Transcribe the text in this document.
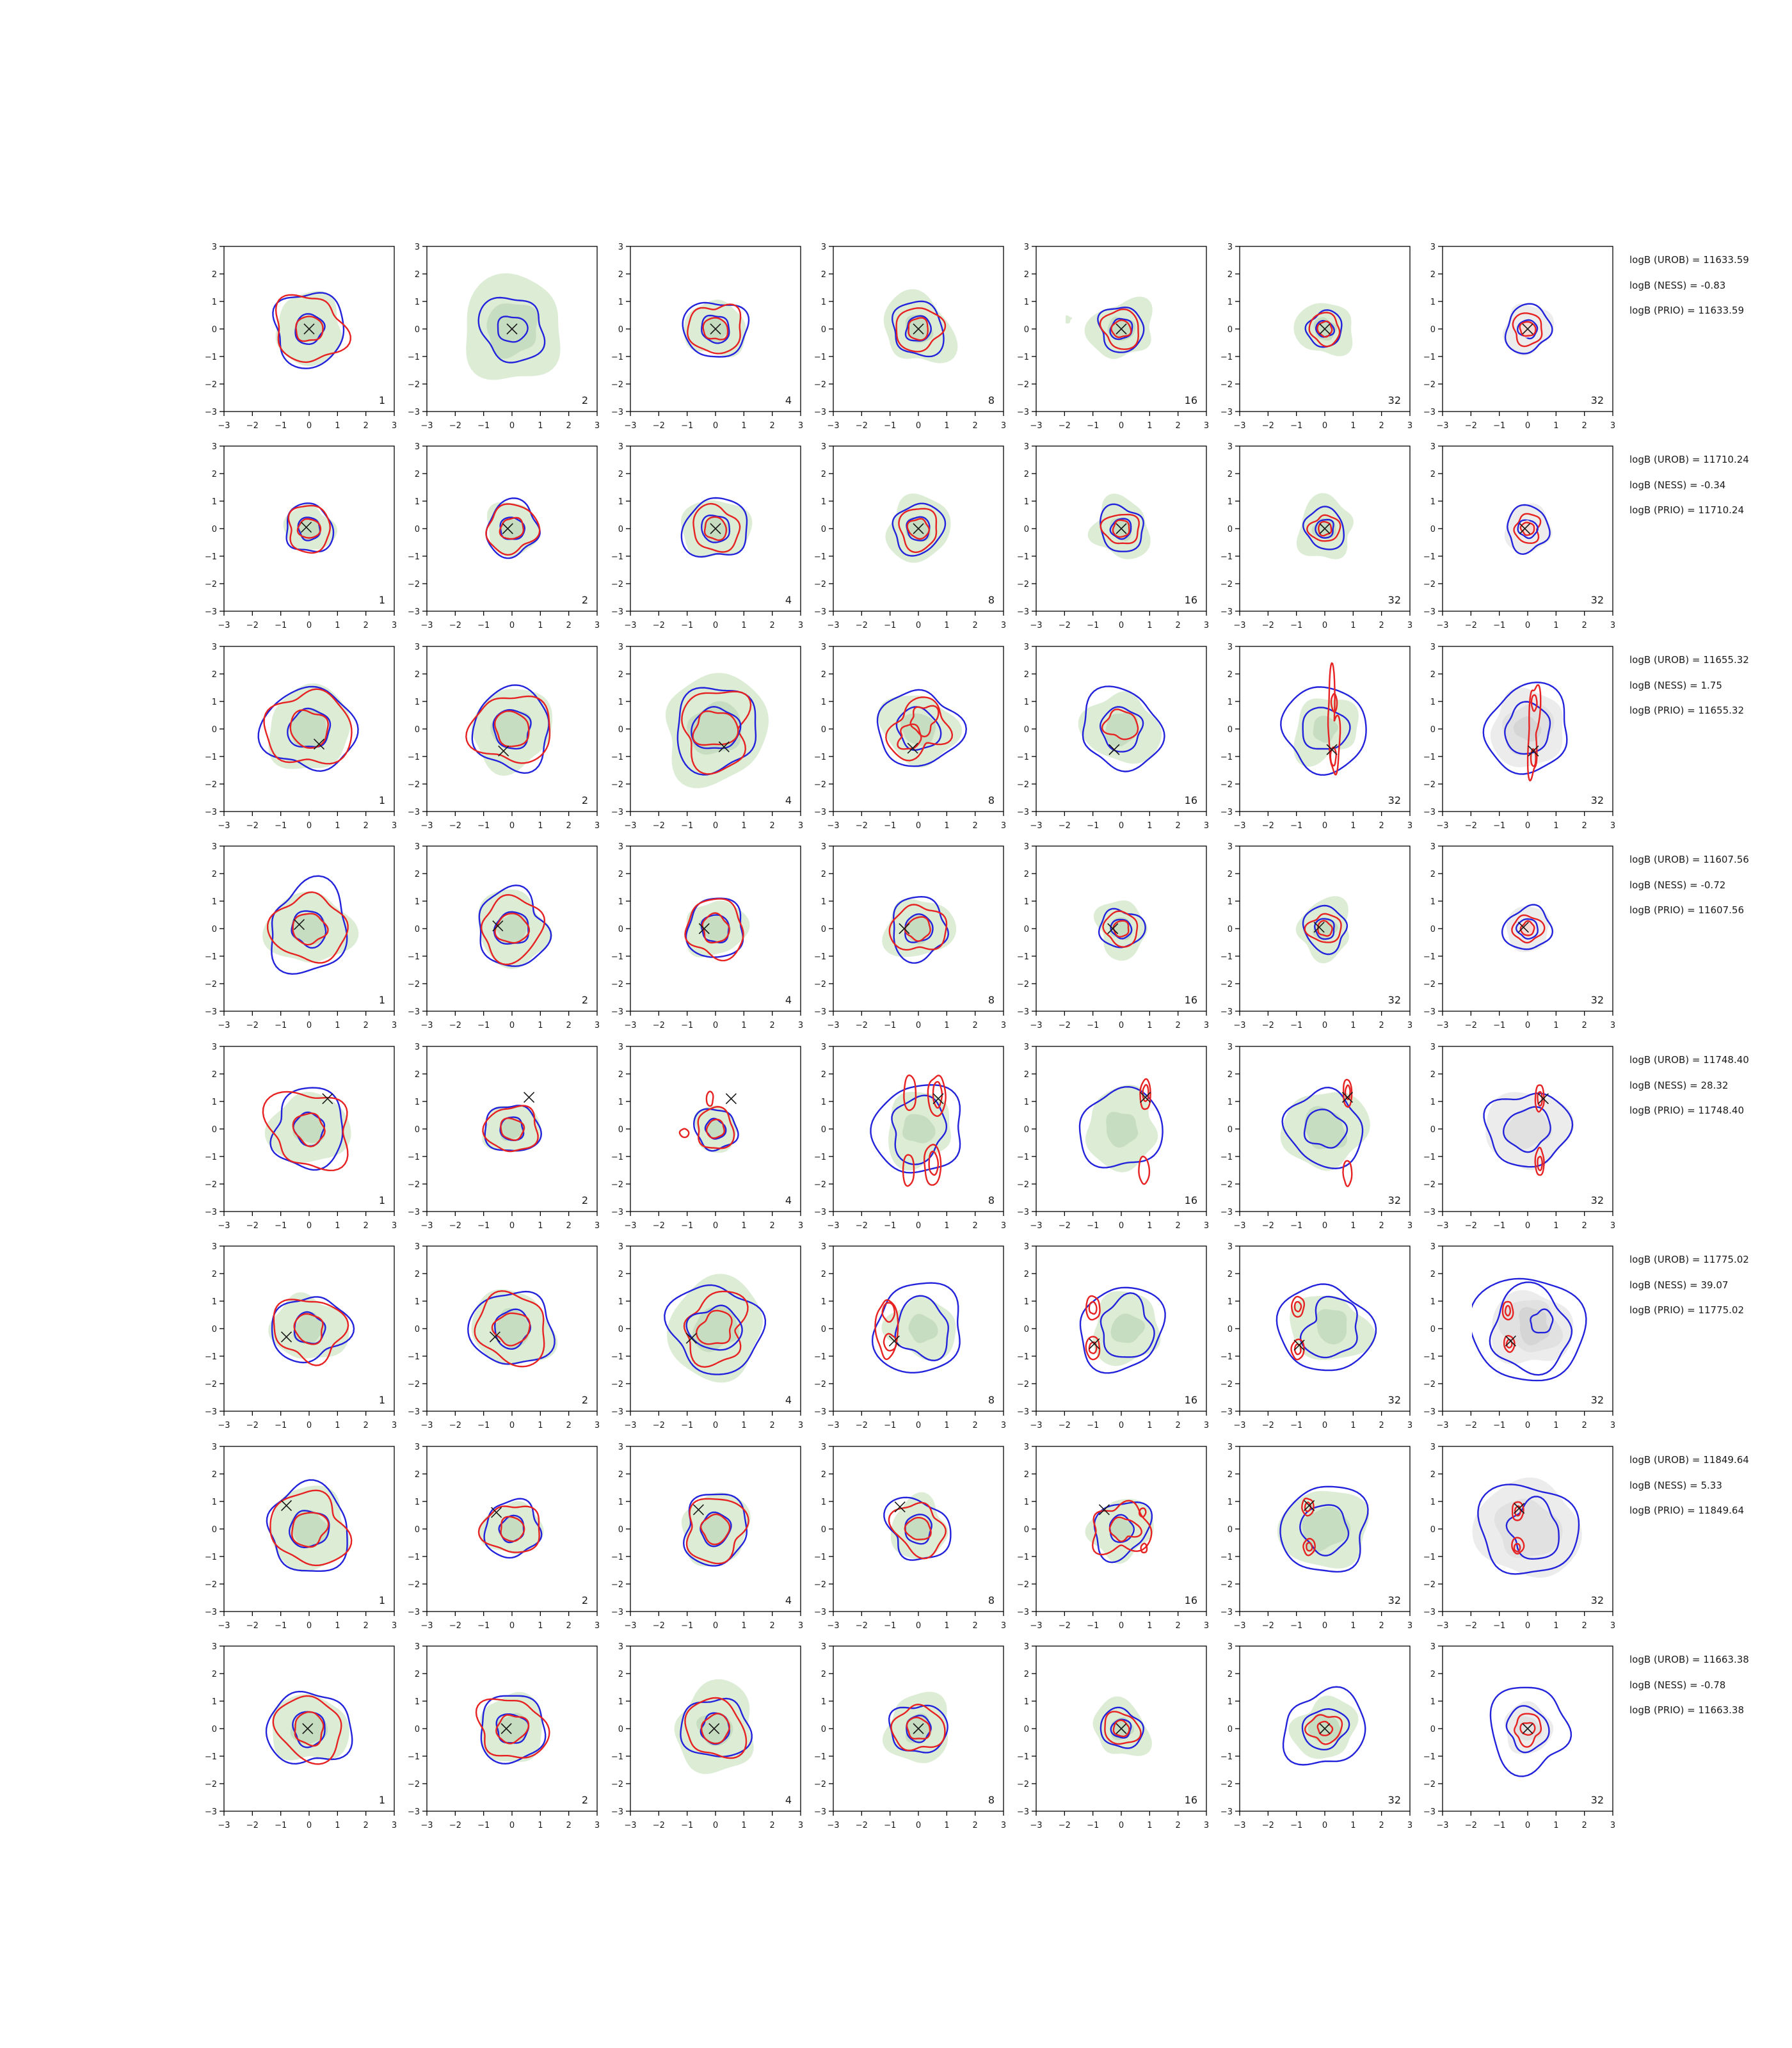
−3 −2 −1 0	1	2	3
3
2
1
0
−1
−2
−3
1
−3 −2 −1 0	1	2	3
3
2
1
0
−1
−2
−3
2
−3 −2 −1 0	1	2	3
3
2
1
0
−1
−2
−3
4
−3 −2 −1 0	1	2	3
3
2
1
0
−1
−2
−3
8
−3 −2 −1 0	1	2	3
3
2
1
0
−1
−2
−3
16
−3 −2 −1 0	1	2	3
3
2
1
0
−1
−2
−3
32
−3 −2 −1 0	1	2	3
3
2
1
0
−1
−2
−3
32
logB (UROB) = 11633.59
logB (NESS) = -0.83
logB (PRIO) = 11633.59
−3 −2 −1 0	1	2	3
3
2
1
0
−1
−2
−3
1
−3 −2 −1 0	1	2	3
3
2
1
0
−1
−2
−3
2
−3 −2 −1 0	1	2	3
3
2
1
0
−1
−2
−3
4
−3 −2 −1 0	1	2	3
3
2
1
0
−1
−2
−3
8
−3 −2 −1 0	1	2	3
3
2
1
0
−1
−2
−3
16
−3 −2 −1 0	1	2	3
3
2
1
0
−1
−2
−3
32
−3 −2 −1 0	1	2	3
3
2
1
0
−1
−2
−3
32
logB (UROB) = 11710.24
logB (NESS) = -0.34
logB (PRIO) = 11710.24
−3 −2 −1 0	1	2	3
3
2
1
0
−1
−2
−3
1
−3 −2 −1 0	1	2	3
3
2
1
0
−1
−2
−3
2
−3 −2 −1 0	1	2	3
3
2
1
0
−1
−2
−3
4
−3 −2 −1 0	1	2	3
3
2
1
0
−1
−2
−3
8
−3 −2 −1 0	1	2	3
3
2
1
0
−1
−2
−3
16
−3 −2 −1 0	1	2	3
3
2
1
0
−1
−2
−3
32
−3 −2 −1 0	1	2	3
3
2
1
0
−1
−2
−3
32
logB (UROB) = 11655.32
logB (NESS) = 1.75
logB (PRIO) = 11655.32
−3 −2 −1 0	1	2	3
3
2
1
0
−1
−2
−3
1
−3 −2 −1 0	1	2	3
3
2
1
0
−1
−2
−3
2
−3 −2 −1 0	1	2	3
3
2
1
0
−1
−2
−3
4
−3 −2 −1 0	1	2	3
3
2
1
0
−1
−2
−3
8
−3 −2 −1 0	1	2	3
3
2
1
0
−1
−2
−3
16
−3 −2 −1 0	1	2	3
3
2
1
0
−1
−2
−3
32
−3 −2 −1 0	1	2	3
3
2
1
0
−1
−2
−3
32
logB (UROB) = 11607.56
logB (NESS) = -0.72
logB (PRIO) = 11607.56
−3 −2 −1 0	1	2	3
3
2
1
0
−1
−2
−3
1
−3 −2 −1 0	1	2	3
3
2
1
0
−1
−2
−3
2
−3 −2 −1 0	1	2	3
3
2
1
0
−1
−2
−3
4
−3 −2 −1 0	1	2	3
3
2
1
0
−1
−2
−3
8
−3 −2 −1 0	1	2	3
3
2
1
0
−1
−2
−3
16
−3 −2 −1 0	1	2	3
3
2
1
0
−1
−2
−3
32
−3 −2 −1 0	1	2	3
3
2
1
0
−1
−2
−3
32
logB (UROB) = 11748.40
logB (NESS) = 28.32
logB (PRIO) = 11748.40
−3 −2 −1 0	1	2	3
3
2
1
0
−1
−2
−3
1
−3 −2 −1 0	1	2	3
3
2
1
0
−1
−2
−3
2
−3 −2 −1 0	1	2	3
3
2
1
0
−1
−2
−3
4
−3 −2 −1 0	1	2	3
3
2
1
0
−1
−2
−3
8
−3 −2 −1 0	1	2	3
3
2
1
0
−1
−2
−3
16
−3 −2 −1 0	1	2	3
3
2
1
0
−1
−2
−3
32
−3 −2 −1 0	1	2	3
3
2
1
0
−1
−2
−3
32
logB (UROB) = 11775.02
logB (NESS) = 39.07
logB (PRIO) = 11775.02
−3 −2 −1 0	1	2	3
3
2
1
0
−1
−2
−3
1
−3 −2 −1 0	1	2	3
3
2
1
0
−1
−2
−3
2
−3 −2 −1 0	1	2	3
3
2
1
0
−1
−2
−3
4
−3 −2 −1 0	1	2	3
3
2
1
0
−1
−2
−3
8
−3 −2 −1 0	1	2	3
3
2
1
0
−1
−2
−3
16
−3 −2 −1 0	1	2	3
3
2
1
0
−1
−2
−3
32
−3 −2 −1 0	1	2	3
3
2
1
0
−1
−2
−3
32
logB (UROB) = 11849.64
logB (NESS) = 5.33
logB (PRIO) = 11849.64
−3 −2 −1 0	1	2	3
3
2
1
0
−1
−2
−3
1
−3 −2 −1 0	1	2	3
3
2
1
0
−1
−2
−3
2
−3 −2 −1 0	1	2	3
3
2
1
0
−1
−2
−3
4
−3 −2 −1 0	1	2	3
3
2
1
0
−1
−2
−3
8
−3 −2 −1 0	1	2	3
3
2
1
0
−1
−2
−3
16
−3 −2 −1 0	1	2	3
3
2
1
0
−1
−2
−3
32
−3 −2 −1 0	1	2	3
3
2
1
0
−1
−2
−3
32
logB (UROB) = 11663.38
logB (NESS) = -0.78
logB (PRIO) = 11663.38
